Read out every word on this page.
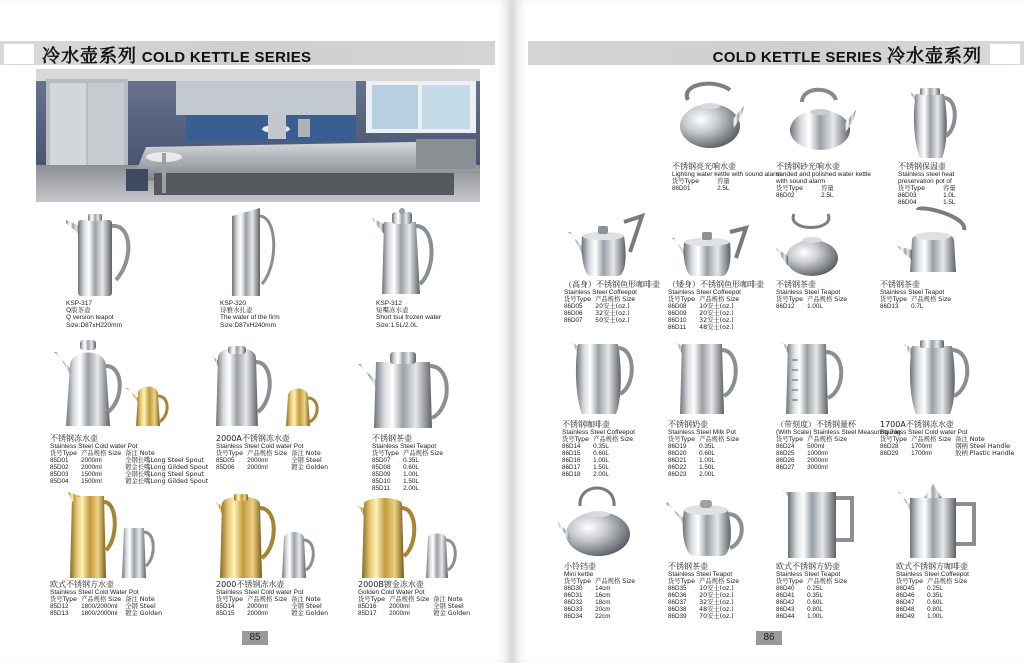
冷水壶系列 COLD KETTLE SERIES
KSP-317
Q版茶壶
Q version teapot
Size:D87xH220mm
KSP-320
诗雅水扎壶
The water of the firm
Size:D87xH240mm
KSP-312
短嘴冻水壶
Short tsui frozen water
Size:1.5L/2.0L
不锈钢冻水壶
Stainless Steel Cold water Pot
货号Type	产品规格 Size	备注 Note
85D01	2000ml	全钢长嘴Long Steel Spout
85D02	2000ml	镀金长嘴Long Gilded Spout
85D03	1500ml	全钢长嘴Long Steel Spout
85D04	1500ml	镀金长嘴Long Gilded Spout
2000A不锈钢冻水壶
Stainless Steel Cold water Pot
货号Type	产品规格 Size	备注 Note
85D05	2000ml	全钢 Steel
85D06	2000ml	镀金 Golden
不锈钢茶壶
Stainless Steel Teapot
货号Type	产品规格 Size
85D07	0.35L
85D08	0.60L
85D09	1.00L
85D10	1.50L
85D11	2.00L
欧式不锈钢方水壶
Stainless Steel Cold Water Pot
货号Type	产品规格 Size	备注 Note
85D12	1800/2000ml	全钢 Steel
85D13	1800/2000ml	镀金 Golden
2000不锈钢冻水壶
Stainless Steel Cold water Pot
货号Type	产品规格 Size	备注 Note
85D14	2000ml	全钢 Steel
85D15	2000ml	镀金 Golden
2000B镀金冻水壶
Golden Cold Water Pot
货号Type	产品规格 Size	备注 Note
85D16	2000ml	全钢 Steel
85D17	2000ml	镀金 Golden
85
COLD KETTLE SERIES 冷水壶系列
不锈钢亮光响水壶
Lighting water kettle with sound alarm
货号Type	容量
86D01	2.5L
不锈钢砂光响水壶
sanded and polished water kettle
with sound alarm
货号Type	容量
86D02	2.5L
不锈钢保温壶
Stainless steel heat
preservation pot of
货号Type	容量
86D03	1.0L
86D04	1.5L
（高身）不锈钢鱼形咖啡壶
Stainless Steel Coffeepot
货号Type	产品规格 Size
86D05	20安士(oz.)
86D06	32安士(oz.)
86D07	50安士(oz.)
（矮身）不锈钢鱼形咖啡壶
Stainless Steel Coffeepot
货号Type	产品规格 Size
86D08	10安士(oz.)
86D09	20安士(oz.)
86D10	32安士(oz.)
86D11	48安士(oz.)
不锈钢茶壶
Stainless Steel Teapot
货号Type	产品规格 Size
86D12	1.00L
不锈钢茶壶
Stainless Steel Teapot
货号Type	产品规格 Size
86D13	0.7L
不锈钢咖啡壶
Stainless Steel Coffeepot
货号Type	产品规格 Size
86D14	0.35L
86D15	0.60L
86D16	1.00L
86D17	1.50L
86D18	2.00L
不锈钢奶壶
Stainless Steel Milk Pot
货号Type	产品规格 Size
86D19	0.35L
86D20	0.60L
86D21	1.00L
86D22	1.50L
86D23	2.00L
（带刻度）不锈钢量杯
(With Scale) Stainless Steel Measuring Jug
货号Type	产品规格 Size
86D24	500ml
86D25	1000ml
86D26	2000ml
86D27	3000ml
1700A不锈钢冻水壶
Stainless Steel Cold water Pot
货号Type	产品规格 Size	备注 Note
86D28	1700ml	钢柄 Steel Handle
86D29	1700ml	胶柄 Plastic Handle
小铃铛壶
Mini kettle
货号Type	产品规格 Size
86D30	14cm
86D31	16cm
86D32	18cm
86D33	20cm
86D34	22cm
不锈钢茶壶
Stainless Steel Teapot
货号Type	产品规格 Size
86D35	10安士(oz.)
86D36	20安士(oz.)
86D37	32安士(oz.)
86D38	48安士(oz.)
86D39	70安士(oz.)
欧式不锈钢方奶壶
Stainless Steel Teapot
货号Type	产品规格 Size
86D40	0.25L
86D41	0.35L
86D42	0.60L
86D43	0.80L
86D44	1.00L
欧式不锈钢方咖啡壶
Stainless Steel Coffeepot
货号Type	产品规格 Size
86D45	0.25L
86D46	0.35L
86D47	0.60L
86D48	0.80L
86D49	1.00L
86
